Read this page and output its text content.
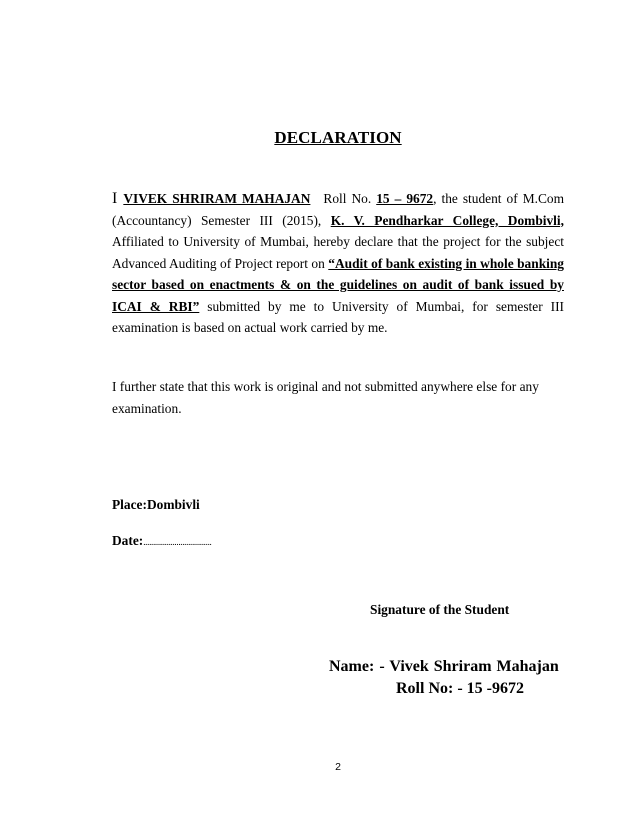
DECLARATION
I VIVEK SHRIRAM MAHAJAN Roll No. 15 – 9672, the student of M.Com (Accountancy) Semester III (2015), K. V. Pendharkar College, Dombivli, Affiliated to University of Mumbai, hereby declare that the project for the subject Advanced Auditing of Project report on “Audit of bank existing in whole banking sector based on enactments & on the guidelines on audit of bank issued by ICAI & RBI” submitted by me to University of Mumbai, for semester III examination is based on actual work carried by me.
I further state that this work is original and not submitted anywhere else for any examination.
Place:Dombivli
Date:...................................
Signature of the Student
Name: - Vivek Shriram Mahajan
Roll No: - 15 -9672
2
